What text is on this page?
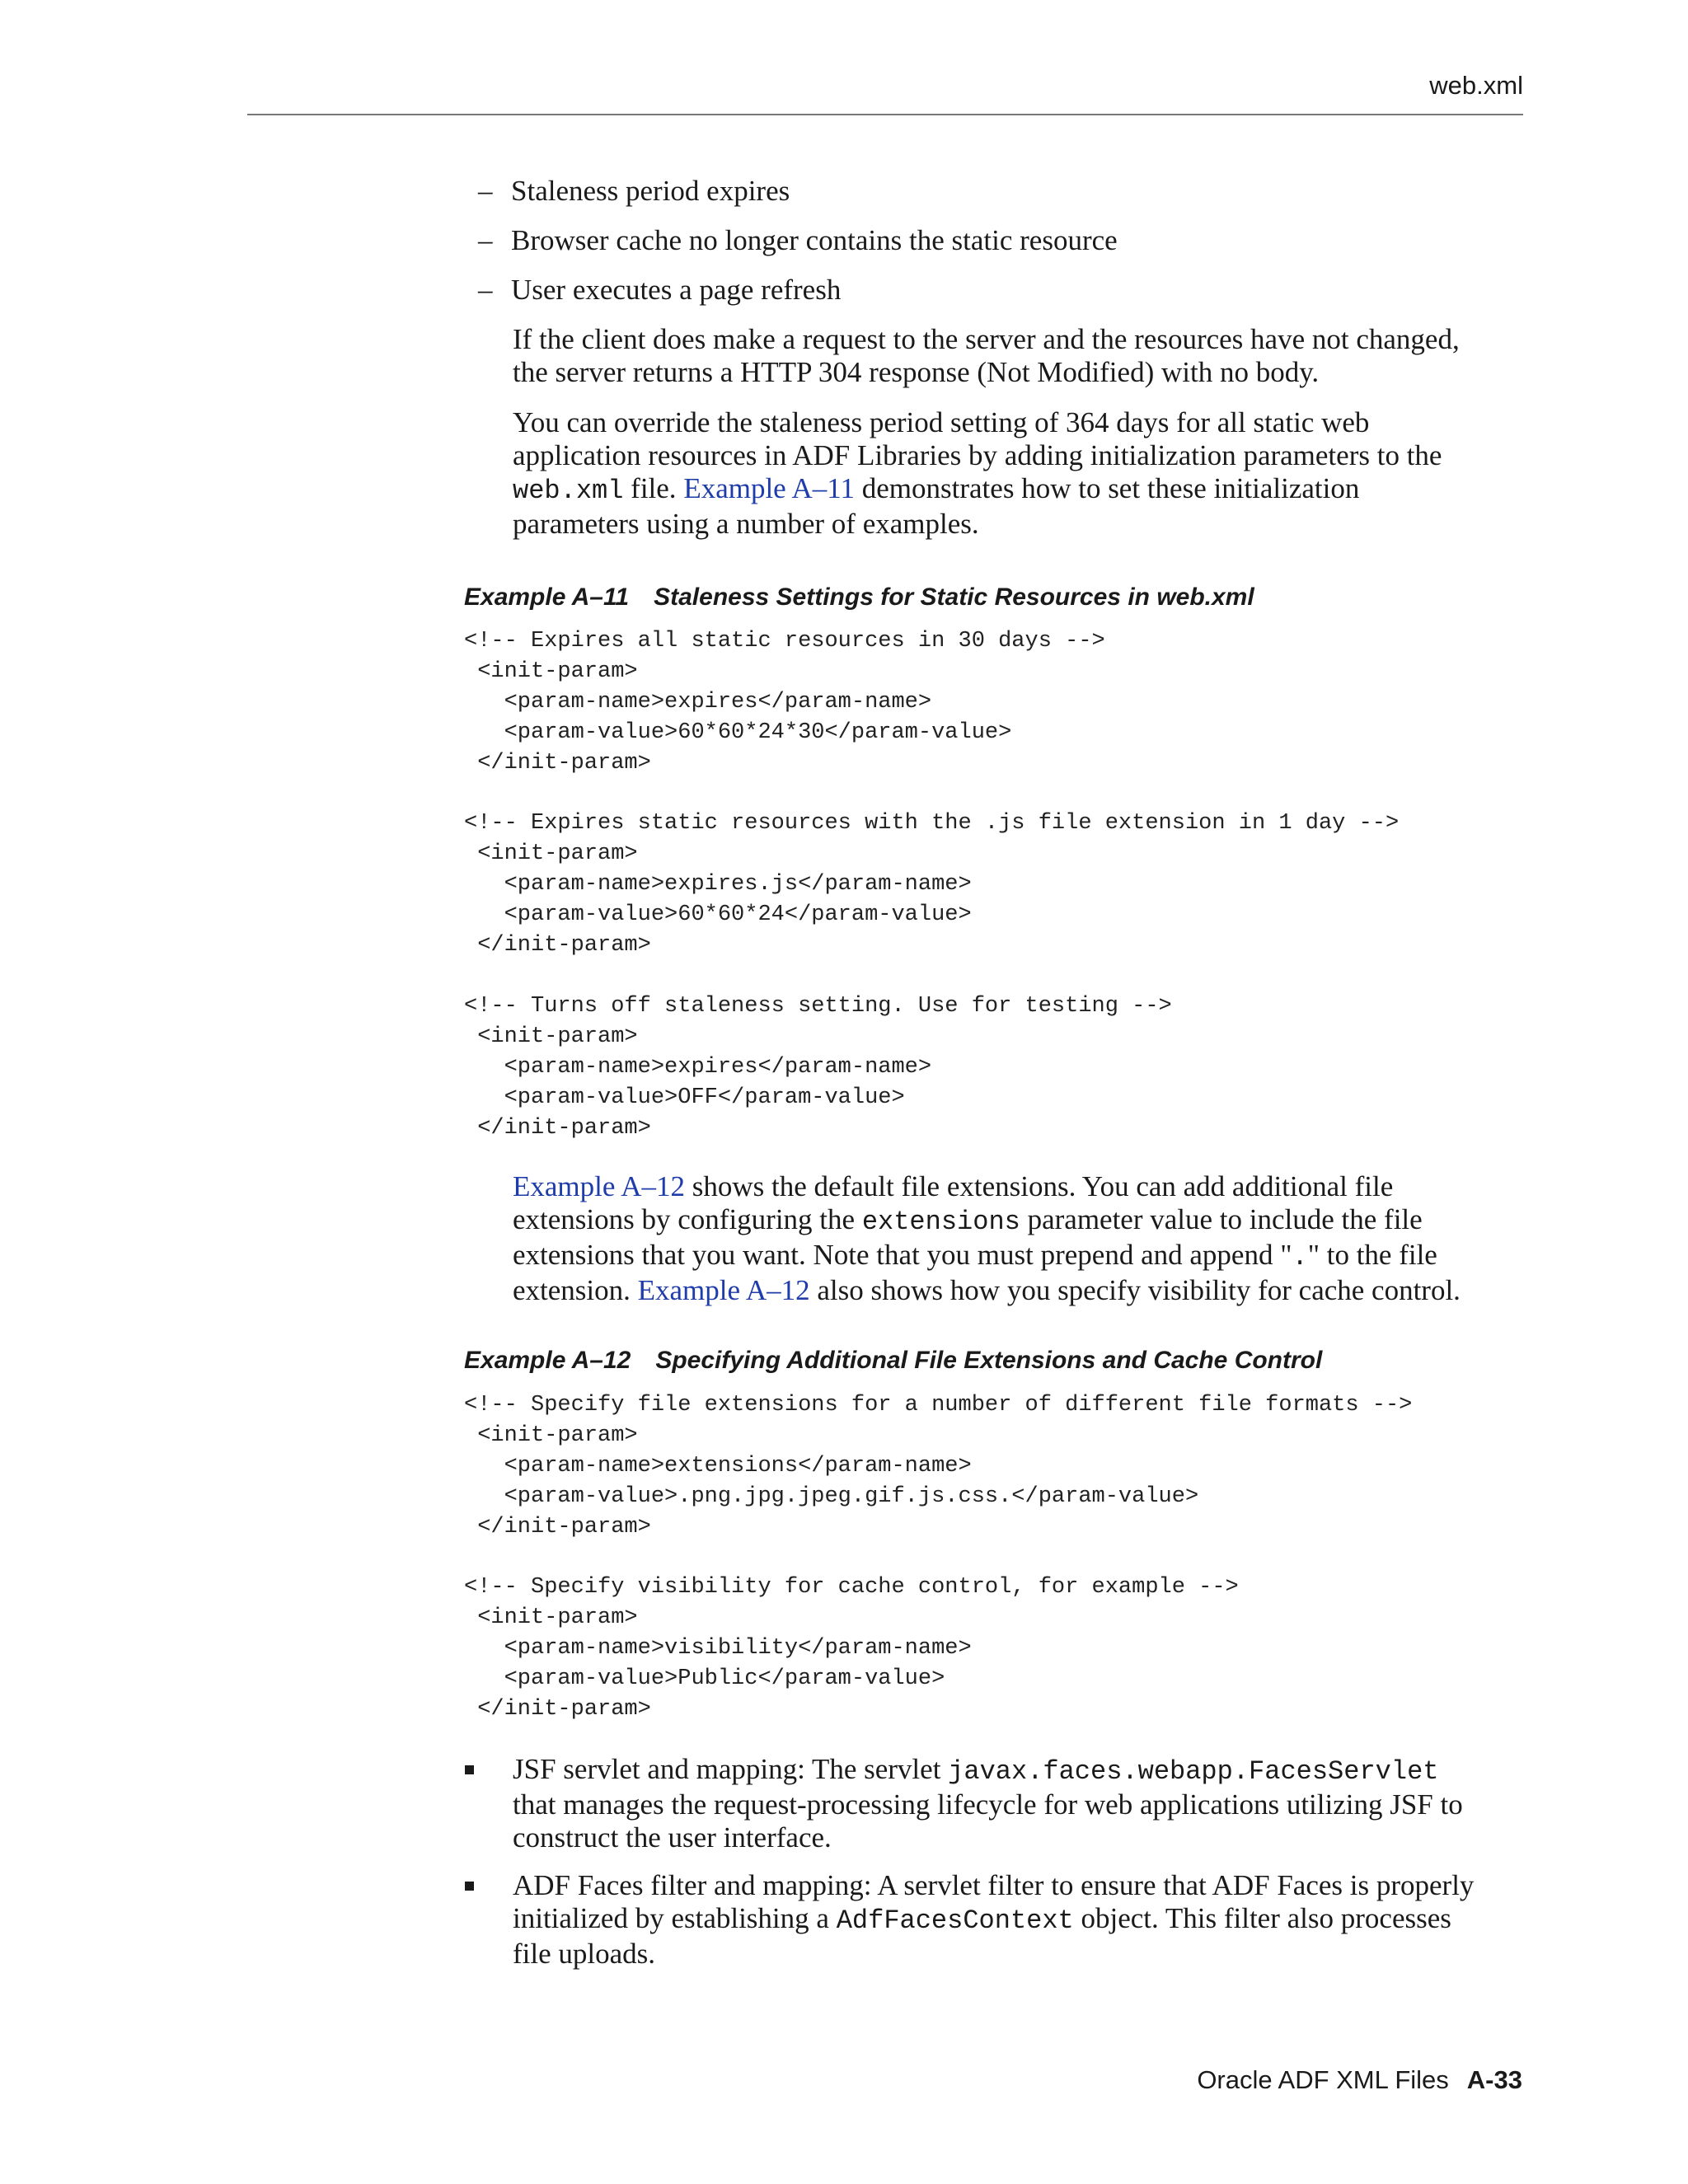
web.xml
– Staleness period expires
– Browser cache no longer contains the static resource
– User executes a page refresh
If the client does make a request to the server and the resources have not changed,
the server returns a HTTP 304 response (Not Modified) with no body.
You can override the staleness period setting of 364 days for all static web
application resources in ADF Libraries by adding initialization parameters to the
web.xml file. Example A–11 demonstrates how to set these initialization
parameters using a number of examples.
Example A–11 Staleness Settings for Static Resources in web.xml
<!-- Expires all static resources in 30 days -->
<init-param>
<param-name>expires</param-name>
<param-value>60*60*24*30</param-value>
</init-param>

<!-- Expires static resources with the .js file extension in 1 day -->
<init-param>
<param-name>expires.js</param-name>
<param-value>60*60*24</param-value>
</init-param>

<!-- Turns off staleness setting. Use for testing -->
<init-param>
<param-name>expires</param-name>
<param-value>OFF</param-value>
</init-param>
Example A–12 shows the default file extensions. You can add additional file
extensions by configuring the extensions parameter value to include the file
extensions that you want. Note that you must prepend and append "." to the file
extension. Example A–12 also shows how you specify visibility for cache control.
Example A–12 Specifying Additional File Extensions and Cache Control
<!-- Specify file extensions for a number of different file formats -->
<init-param>
<param-name>extensions</param-name>
<param-value>.png.jpg.jpeg.gif.js.css.</param-value>
</init-param>

<!-- Specify visibility for cache control, for example -->
<init-param>
<param-name>visibility</param-name>
<param-value>Public</param-value>
</init-param>
JSF servlet and mapping: The servlet javax.faces.webapp.FacesServlet
that manages the request-processing lifecycle for web applications utilizing JSF to
construct the user interface.
ADF Faces filter and mapping: A servlet filter to ensure that ADF Faces is properly
initialized by establishing a AdfFacesContext object. This filter also processes
file uploads.
Oracle ADF XML Files A-33
